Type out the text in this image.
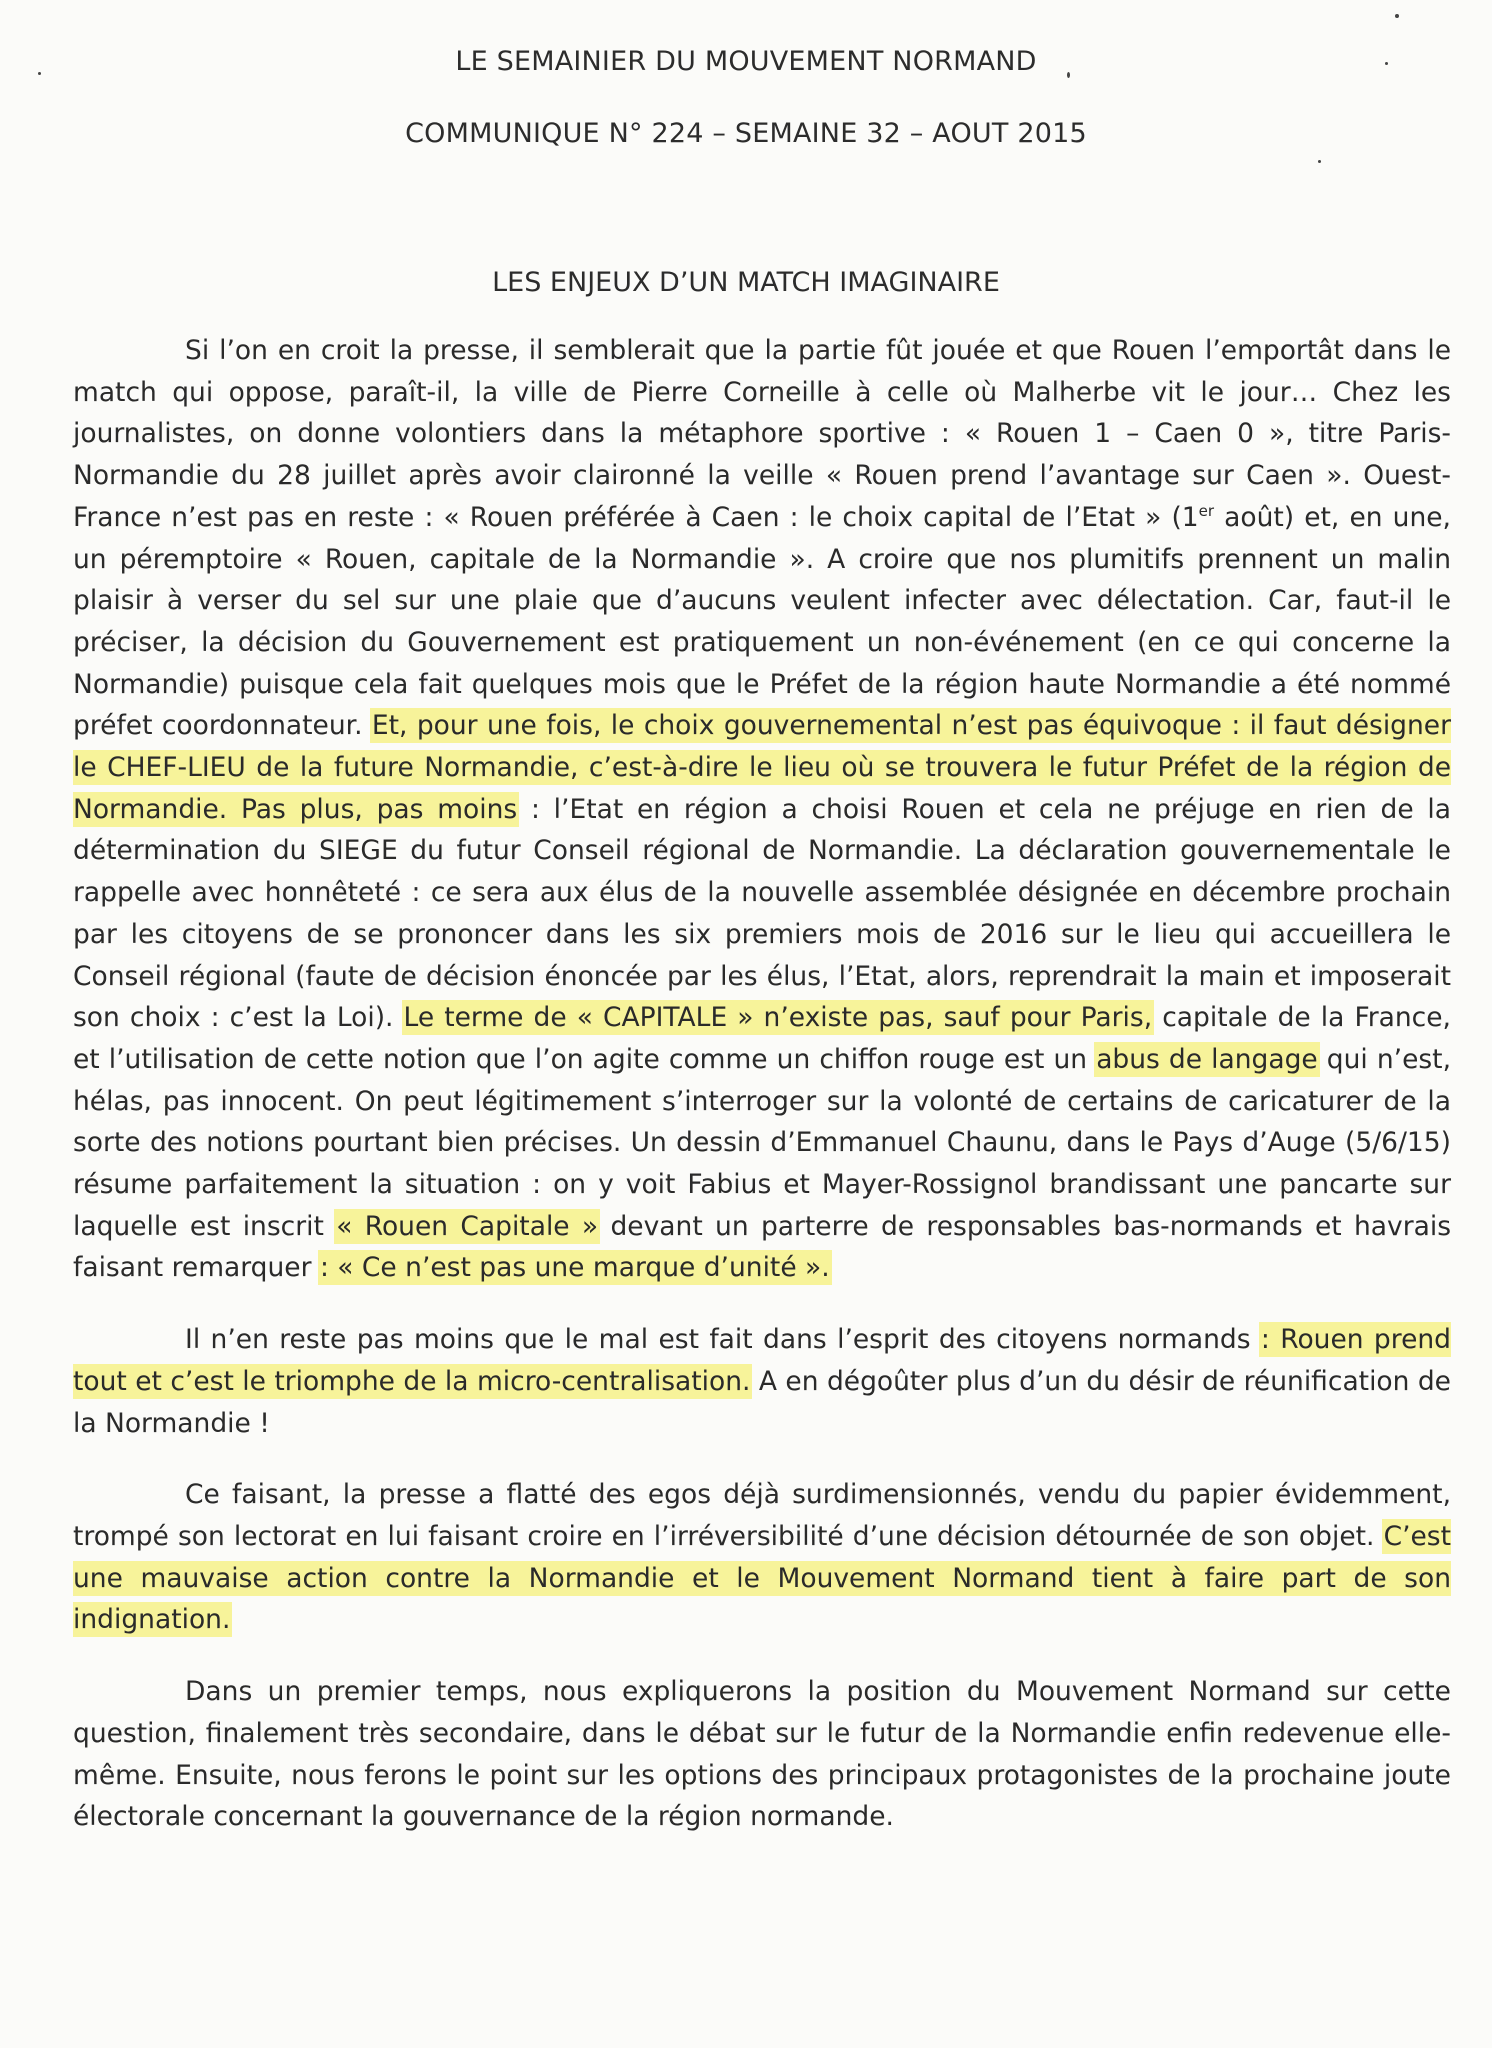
LE SEMAINIER DU MOUVEMENT NORMAND
COMMUNIQUE N° 224 – SEMAINE 32 – AOUT 2015
LES ENJEUX D’UN MATCH IMAGINAIRE

Si l’on en croit la presse, il semblerait que la partie fût jouée et que Rouen l’emportât dans le match qui oppose, paraît-il, la ville de Pierre Corneille à celle où Malherbe vit le jour… Chez les journalistes, on donne volontiers dans la métaphore sportive : « Rouen 1 – Caen 0 », titre Paris-Normandie du 28 juillet après avoir claironné la veille « Rouen prend l’avantage sur Caen ». Ouest-France n’est pas en reste : « Rouen préférée à Caen : le choix capital de l’Etat » (1er août) et, en une, un péremptoire « Rouen, capitale de la Normandie ». A croire que nos plumitifs prennent un malin plaisir à verser du sel sur une plaie que d’aucuns veulent infecter avec délectation. Car, faut-il le préciser, la décision du Gouvernement est pratiquement un non-événement (en ce qui concerne la Normandie) puisque cela fait quelques mois que le Préfet de la région haute Normandie a été nommé préfet coordonnateur. Et, pour une fois, le choix gouvernemental n’est pas équivoque : il faut désigner le CHEF-LIEU de la future Normandie, c’est-à-dire le lieu où se trouvera le futur Préfet de la région de Normandie. Pas plus, pas moins : l’Etat en région a choisi Rouen et cela ne préjuge en rien de la détermination du SIEGE du futur Conseil régional de Normandie. La déclaration gouvernementale le rappelle avec honnêteté : ce sera aux élus de la nouvelle assemblée désignée en décembre prochain par les citoyens de se prononcer dans les six premiers mois de 2016 sur le lieu qui accueillera le Conseil régional (faute de décision énoncée par les élus, l’Etat, alors, reprendrait la main et imposerait son choix : c’est la Loi). Le terme de « CAPITALE » n’existe pas, sauf pour Paris, capitale de la France, et l’utilisation de cette notion que l’on agite comme un chiffon rouge est un abus de langage qui n’est, hélas, pas innocent. On peut légitimement s’interroger sur la volonté de certains de caricaturer de la sorte des notions pourtant bien précises. Un dessin d’Emmanuel Chaunu, dans le Pays d’Auge (5/6/15) résume parfaitement la situation : on y voit Fabius et Mayer-Rossignol brandissant une pancarte sur laquelle est inscrit « Rouen Capitale » devant un parterre de responsables bas-normands et havrais faisant remarquer : « Ce n’est pas une marque d’unité ».

Il n’en reste pas moins que le mal est fait dans l’esprit des citoyens normands : Rouen prend tout et c’est le triomphe de la micro-centralisation. A en dégoûter plus d’un du désir de réunification de la Normandie !

Ce faisant, la presse a flatté des egos déjà surdimensionnés, vendu du papier évidemment, trompé son lectorat en lui faisant croire en l’irréversibilité d’une décision détournée de son objet. C’est une mauvaise action contre la Normandie et le Mouvement Normand tient à faire part de son indignation.

Dans un premier temps, nous expliquerons la position du Mouvement Normand sur cette question, finalement très secondaire, dans le débat sur le futur de la Normandie enfin redevenue elle-même. Ensuite, nous ferons le point sur les options des principaux protagonistes de la prochaine joute électorale concernant la gouvernance de la région normande.
